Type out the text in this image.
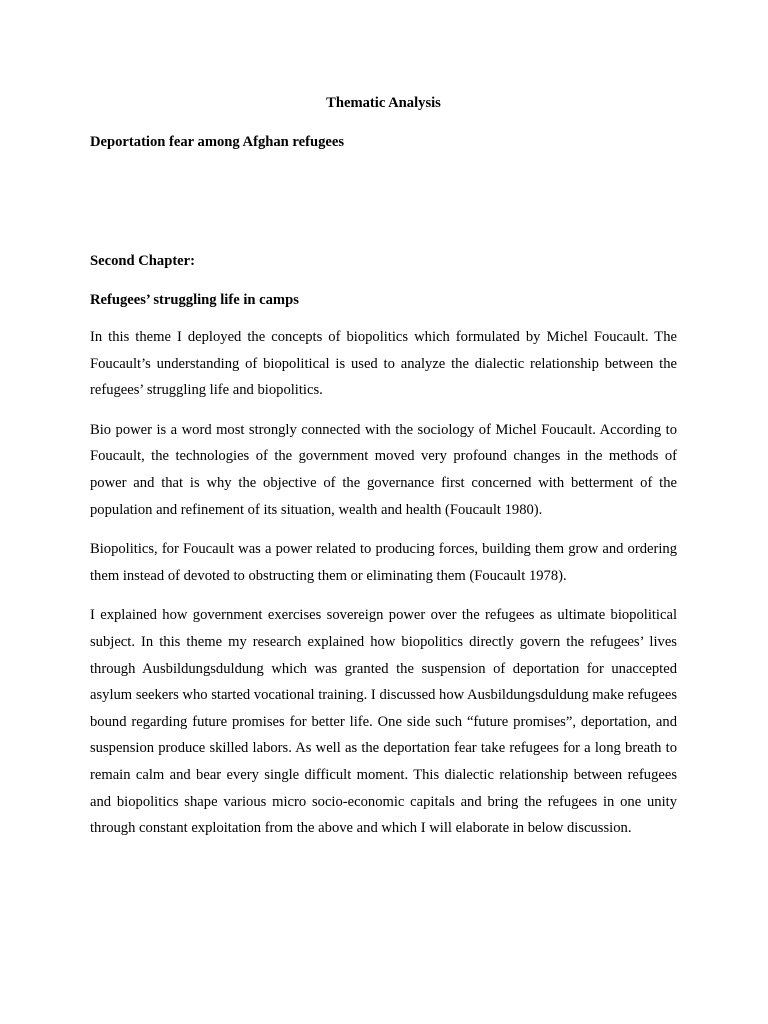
Thematic Analysis

Deportation fear among Afghan refugees

Second Chapter:

Refugees’ struggling life in camps

In this theme I deployed the concepts of biopolitics which formulated by Michel Foucault. The Foucault’s understanding of biopolitical is used to analyze the dialectic relationship between the refugees’ struggling life and biopolitics.

Bio power is a word most strongly connected with the sociology of Michel Foucault. According to Foucault, the technologies of the government moved very profound changes in the methods of power and that is why the objective of the governance first concerned with betterment of the population and refinement of its situation, wealth and health (Foucault 1980).

Biopolitics, for Foucault was a power related to producing forces, building them grow and ordering them instead of devoted to obstructing them or eliminating them (Foucault 1978).

I explained how government exercises sovereign power over the refugees as ultimate biopolitical subject. In this theme my research explained how biopolitics directly govern the refugees’ lives through Ausbildungsduldung which was granted the suspension of deportation for unaccepted asylum seekers who started vocational training. I discussed how Ausbildungsduldung make refugees bound regarding future promises for better life. One side such “future promises”, deportation, and suspension produce skilled labors. As well as the deportation fear take refugees for a long breath to remain calm and bear every single difficult moment. This dialectic relationship between refugees and biopolitics shape various micro socio-economic capitals and bring the refugees in one unity through constant exploitation from the above and which I will elaborate in below discussion.
